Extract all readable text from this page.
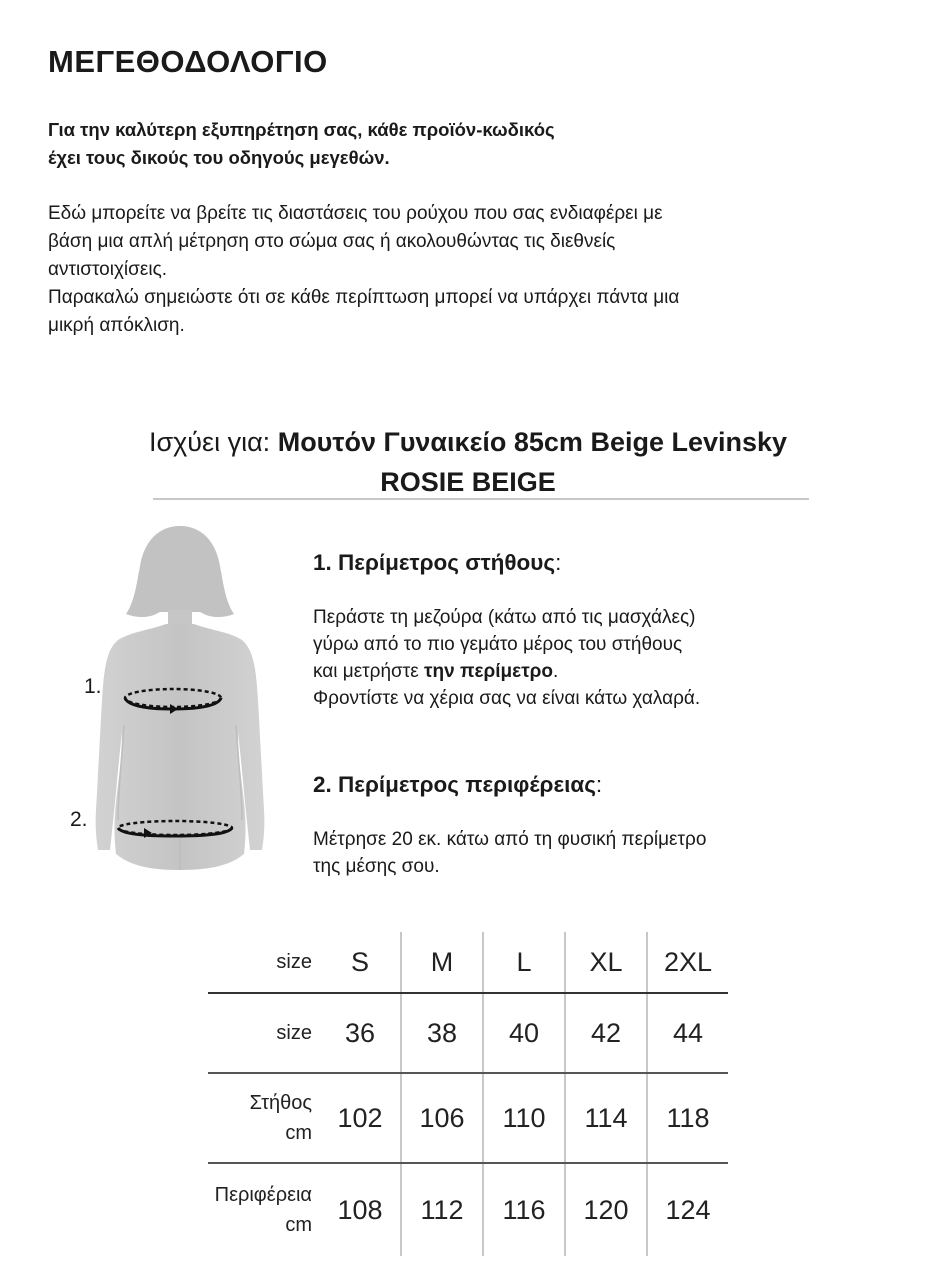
ΜΕΓΕΘΟΔΟΛΟΓΙΟ
Για την καλύτερη εξυπηρέτηση σας, κάθε προϊόν-κωδικός
έχει τους δικούς του οδηγούς μεγεθών.
Εδώ μπορείτε να βρείτε τις διαστάσεις του ρούχου που σας ενδιαφέρει με
βάση μια απλή μέτρηση στο σώμα σας ή ακολουθώντας τις διεθνείς
αντιστοιχίσεις.
Παρακαλώ σημειώστε ότι σε κάθε περίπτωση μπορεί να υπάρχει πάντα μια
μικρή απόκλιση.
Ισχύει για: Μουτόν Γυναικείο 85cm Beige Levinsky
ROSIE BEIGE
1.
2.
1. Περίμετρος στήθους:
Περάστε τη μεζούρα (κάτω από τις μασχάλες)
γύρω από το πιο γεμάτο μέρος του στήθους
και μετρήστε την περίμετρο.
Φροντίστε να χέρια σας να είναι κάτω χαλαρά.
2. Περίμετρος περιφέρειας:
Μέτρησε 20 εκ. κάτω από τη φυσική περίμετρο
της μέσης σου.
size	S	M	L	XL	2XL
size	36	38	40	42	44

Στήθος
cm	102	106	110	114	118

Περιφέρεια
cm	108	112	116	120	124
